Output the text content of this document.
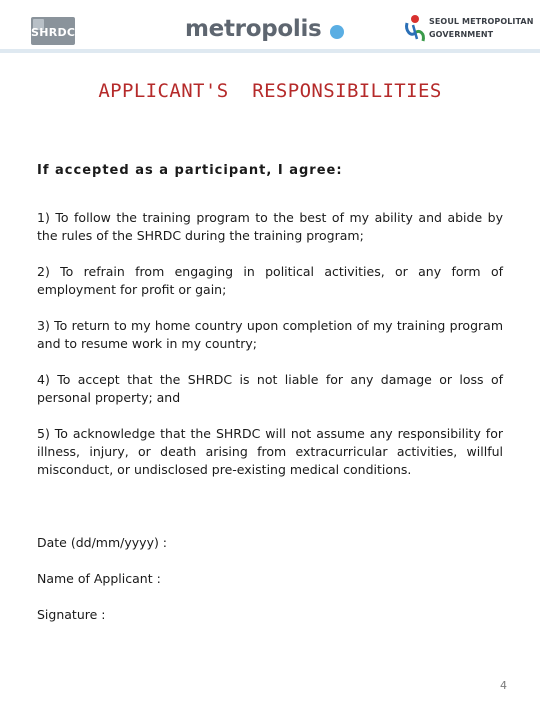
SHRDC	metropolis	SEOUL METROPOLITAN
GOVERNMENT
APPLICANT'S  RESPONSIBILITIES
If accepted as a participant, I agree:
1) To follow the training program to the best of my ability and abide by the rules of the SHRDC during the training program;
2) To refrain from engaging in political activities, or any form of employment for profit or gain;
3) To return to my home country upon completion of my training program and to resume work in my country;
4) To accept that the SHRDC is not liable for any damage or loss of personal property; and
5) To acknowledge that the SHRDC will not assume any responsibility for illness, injury, or death arising from extracurricular activities, willful misconduct, or undisclosed pre-existing medical conditions.
Date (dd/mm/yyyy) :
Name of Applicant :
Signature :
4
